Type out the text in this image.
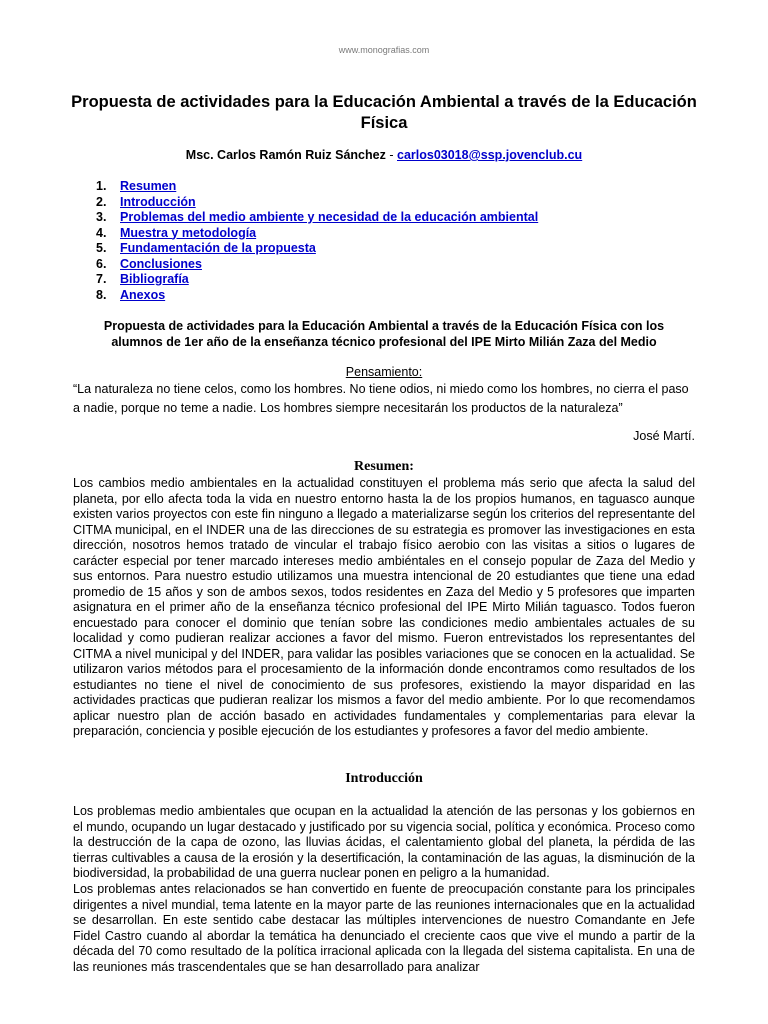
www.monografias.com
Propuesta de actividades para la Educación Ambiental a través de la Educación Física
Msc. Carlos Ramón Ruiz Sánchez - carlos03018@ssp.jovenclub.cu
1. Resumen
2. Introducción
3. Problemas del medio ambiente y necesidad de la educación ambiental
4. Muestra y metodología
5. Fundamentación de la propuesta
6. Conclusiones
7. Bibliografía
8. Anexos
Propuesta de actividades para la Educación Ambiental a través de la Educación Física con los alumnos de 1er año de la enseñanza técnico profesional del IPE Mirto Milián Zaza del Medio
Pensamiento:
“La naturaleza no tiene celos, como los hombres. No tiene odios, ni miedo como los hombres, no cierra el paso a nadie, porque no teme a nadie. Los hombres siempre necesitarán los productos de la naturaleza”
José Martí.
Resumen:

Los cambios medio ambientales en la actualidad constituyen el problema más serio que afecta la salud del planeta, por ello afecta toda la vida en nuestro entorno hasta la de los propios humanos, en taguasco aunque existen varios proyectos con este fin ninguno a llegado a materializarse según los criterios del representante del CITMA municipal, en el INDER una de las direcciones de su estrategia es promover las investigaciones en esta dirección, nosotros hemos tratado de vincular el trabajo físico aerobio con las visitas a sitios o lugares de carácter especial por tener marcado intereses medio ambiéntales en el consejo popular de Zaza del Medio y sus entornos. Para nuestro estudio utilizamos una muestra intencional de 20 estudiantes que tiene una edad promedio de 15 años y son de ambos sexos, todos residentes en Zaza del Medio y 5 profesores que imparten asignatura en el primer año de la enseñanza técnico profesional del IPE Mirto Milián taguasco. Todos fueron encuestado para conocer el dominio que tenían sobre las condiciones medio ambientales actuales de su localidad y como pudieran realizar acciones a favor del mismo. Fueron entrevistados los representantes del CITMA a nivel municipal y del INDER, para validar las posibles variaciones que se conocen en la actualidad. Se utilizaron varios métodos para el procesamiento de la información donde encontramos como resultados de los estudiantes no tiene el nivel de conocimiento de sus profesores, existiendo la mayor disparidad en las actividades practicas que pudieran realizar los mismos a favor del medio ambiente. Por lo que recomendamos aplicar nuestro plan de acción basado en actividades fundamentales y complementarias para elevar la preparación, conciencia y posible ejecución de los estudiantes y profesores a favor del medio ambiente.

Introducción

Los problemas medio ambientales que ocupan en la actualidad la atención de las personas y los gobiernos en el mundo, ocupando un lugar destacado y justificado por su vigencia social, política y económica. Proceso como la destrucción de la capa de ozono, las lluvias ácidas, el calentamiento global del planeta, la pérdida de las tierras cultivables a causa de la erosión y la desertificación, la contaminación de las aguas, la disminución de la biodiversidad, la probabilidad de una guerra nuclear ponen en peligro a la humanidad.

Los problemas antes relacionados se han convertido en fuente de preocupación constante para los principales dirigentes a nivel mundial, tema latente en la mayor parte de las reuniones internacionales que en la actualidad se desarrollan. En este sentido cabe destacar las múltiples intervenciones de nuestro Comandante en Jefe Fidel Castro cuando al abordar la temática ha denunciado el creciente caos que vive el mundo a partir de la década del 70 como resultado de la política irracional aplicada con la llegada del sistema capitalista. En una de las reuniones más trascendentales que se han desarrollado para analizar
